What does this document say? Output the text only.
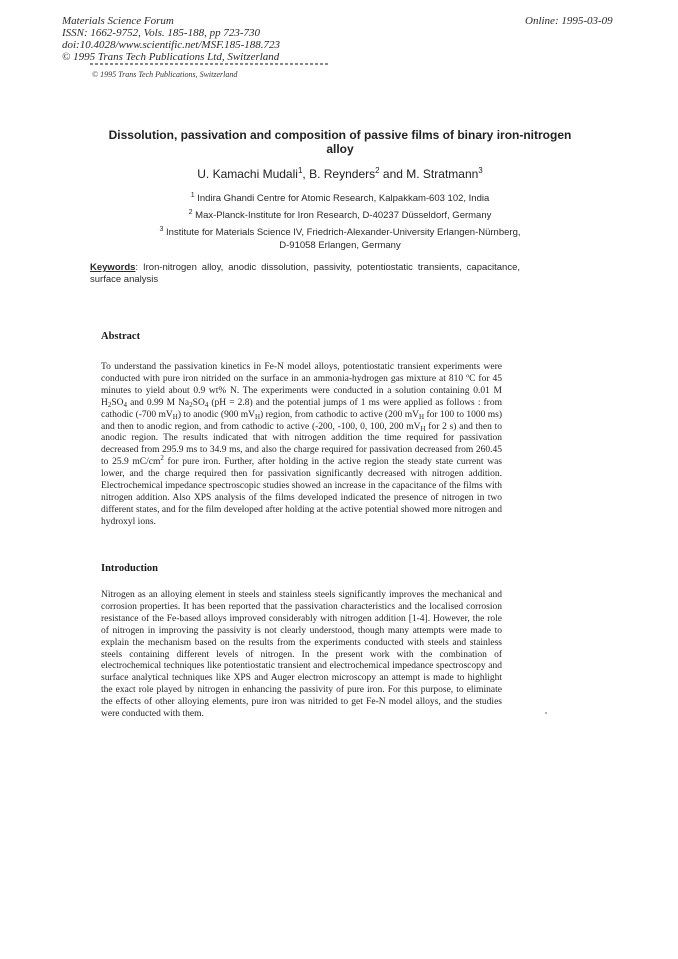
Materials Science Forum
ISSN: 1662-9752, Vols. 185-188, pp 723-730
doi:10.4028/www.scientific.net/MSF.185-188.723
© 1995 Trans Tech Publications Ltd, Switzerland
Online: 1995-03-09
© 1995 Trans Tech Publications, Switzerland
Dissolution, passivation and composition of passive films of binary iron-nitrogen alloy
U. Kamachi Mudali$^1$, B. Reynders$^2$ and M. Stratmann$^3$
$^1$ Indira Ghandi Centre for Atomic Research, Kalpakkam-603 102, India
$^2$ Max-Planck-Institute for Iron Research, D-40237 Düsseldorf, Germany
$^3$ Institute for Materials Science IV, Friedrich-Alexander-University Erlangen-Nürnberg,
D-91058 Erlangen, Germany
Keywords: Iron-nitrogen alloy, anodic dissolution, passivity, potentiostatic transients, capacitance, surface analysis
Abstract
To understand the passivation kinetics in Fe-N model alloys, potentiostatic transient experiments were conducted with pure iron nitrided on the surface in an ammonia-hydrogen gas mixture at 810 ºC for 45 minutes to yield about 0.9 wt% N. The experiments were conducted in a solution containing 0.01 M $H_2SO_4$ and 0.99 M $Na_2SO_4$ (pH = 2.8) and the potential jumps of 1 ms were applied as follows : from cathodic (-700 $mV_H$) to anodic (900 $mV_H$) region, from cathodic to active (200 $mV_H$ for 100 to 1000 ms) and then to anodic region, and from cathodic to active (-200, -100, 0, 100, 200 $mV_H$ for 2 s) and then to anodic region. The results indicated that with nitrogen addition the time required for passivation decreased from 295.9 ms to 34.9 ms, and also the charge required for passivation decreased from 260.45 to 25.9 $mC/cm^2$ for pure iron. Further, after holding in the active region the steady state current was lower, and the charge required then for passivation significantly decreased with nitrogen addition. Electrochemical impedance spectroscopic studies showed an increase in the capacitance of the films with nitrogen addition. Also XPS analysis of the films developed indicated the presence of nitrogen in two different states, and for the film developed after holding at the active potential showed more nitrogen and hydroxyl ions.
Introduction
Nitrogen as an alloying element in steels and stainless steels significantly improves the mechanical and corrosion properties. It has been reported that the passivation characteristics and the localised corrosion resistance of the Fe-based alloys improved considerably with nitrogen addition [1-4]. However, the role of nitrogen in improving the passivity is not clearly understood, though many attempts were made to explain the mechanism based on the results from the experiments conducted with steels and stainless steels containing different levels of nitrogen. In the present work with the combination of electrochemical techniques like potentiostatic transient and electrochemical impedance spectroscopy and surface analytical techniques like XPS and Auger electron microscopy an attempt is made to highlight the exact role played by nitrogen in enhancing the passivity of pure iron. For this purpose, to eliminate the effects of other alloying elements, pure iron was nitrided to get Fe-N model alloys, and the studies were conducted with them.
